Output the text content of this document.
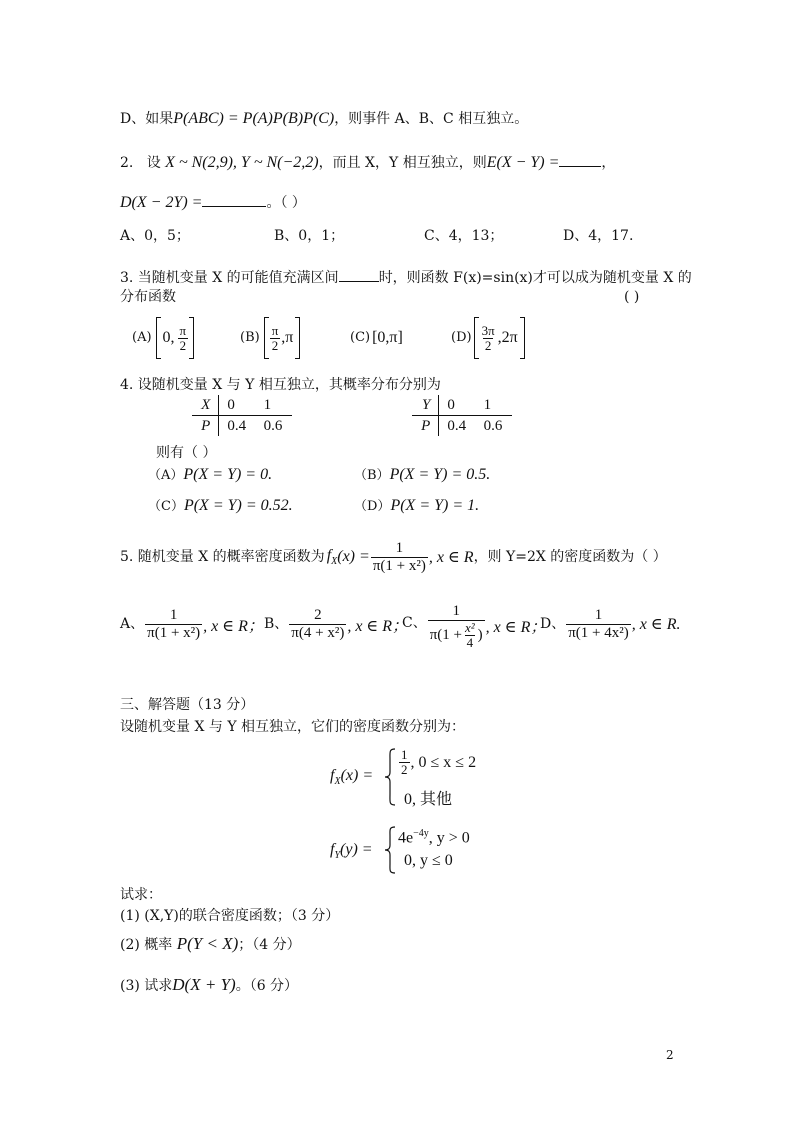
D、如果P(ABC) = P(A)P(B)P(C)，则事件 A、B、C 相互独立。
2. 设 X ~ N(2,9), Y ~ N(−2,2)，而且 X，Y 相互独立，则E(X − Y) =	，
D(X − 2Y) =	。（ ）
A、0，5；	B、0，1；	C、4，13；	D、4，17.
3. 当随机变量 X 的可能值充满区间	时，则函数 F(x)=sin(x)才可以成为随机变量 X 的
分布函数	( )
(A) 0, $\frac{\pi}{2}$	$(B) \frac{\pi}{2} ,\pi$	(C) [0,π]	$(D) \frac{3\pi}{2} ,2\pi$
4. 设随机变量 X 与 Y 相互独立，其概率分布分别为
X	0	1
P	0.4	0.6
Y	0	1
P	0.4	0.6
则有（ ）
（A）P(X = Y) = 0.	（B）P(X = Y) = 0.5.
（C）P(X = Y) = 0.52.	（D）P(X = Y) = 1.
5. 随机变量 X 的概率密度函数为 $f_X$ $(x) = \frac{1}{\text{π(1 + x²)}}$ , x ∈ R ，则 Y=2X 的密度函数为（ ）
A、 $\frac{1}{\text{π(1 + x²)}}$ , x ∈ R； B、 $\frac{2}{\text{π(4 + x²)}}$ , x ∈ R；
C、 $\frac{1}{\pi(1 + \frac{\text{x²}}{4} )}$ , x ∈ R；
D、 $\frac{1}{\text{π(1 + 4x²)}}$ , x ∈ R.
三、解答题（13 分）
设随机变量 X 与 Y 相互独立，它们的密度函数分别为：
$f_X(x) = \frac{1}{2}$ , 0 ≤ x ≤ 2
0, 其他
$f_Y(y)$ =
$4e^{-4y}$, y > 0
0, y ≤ 0
试求：
(1) (X,Y)的联合密度函数；（3 分）
(2) 概率 P(Y < X)；（4 分）
(3) 试求D(X + Y)。（6 分）
2
